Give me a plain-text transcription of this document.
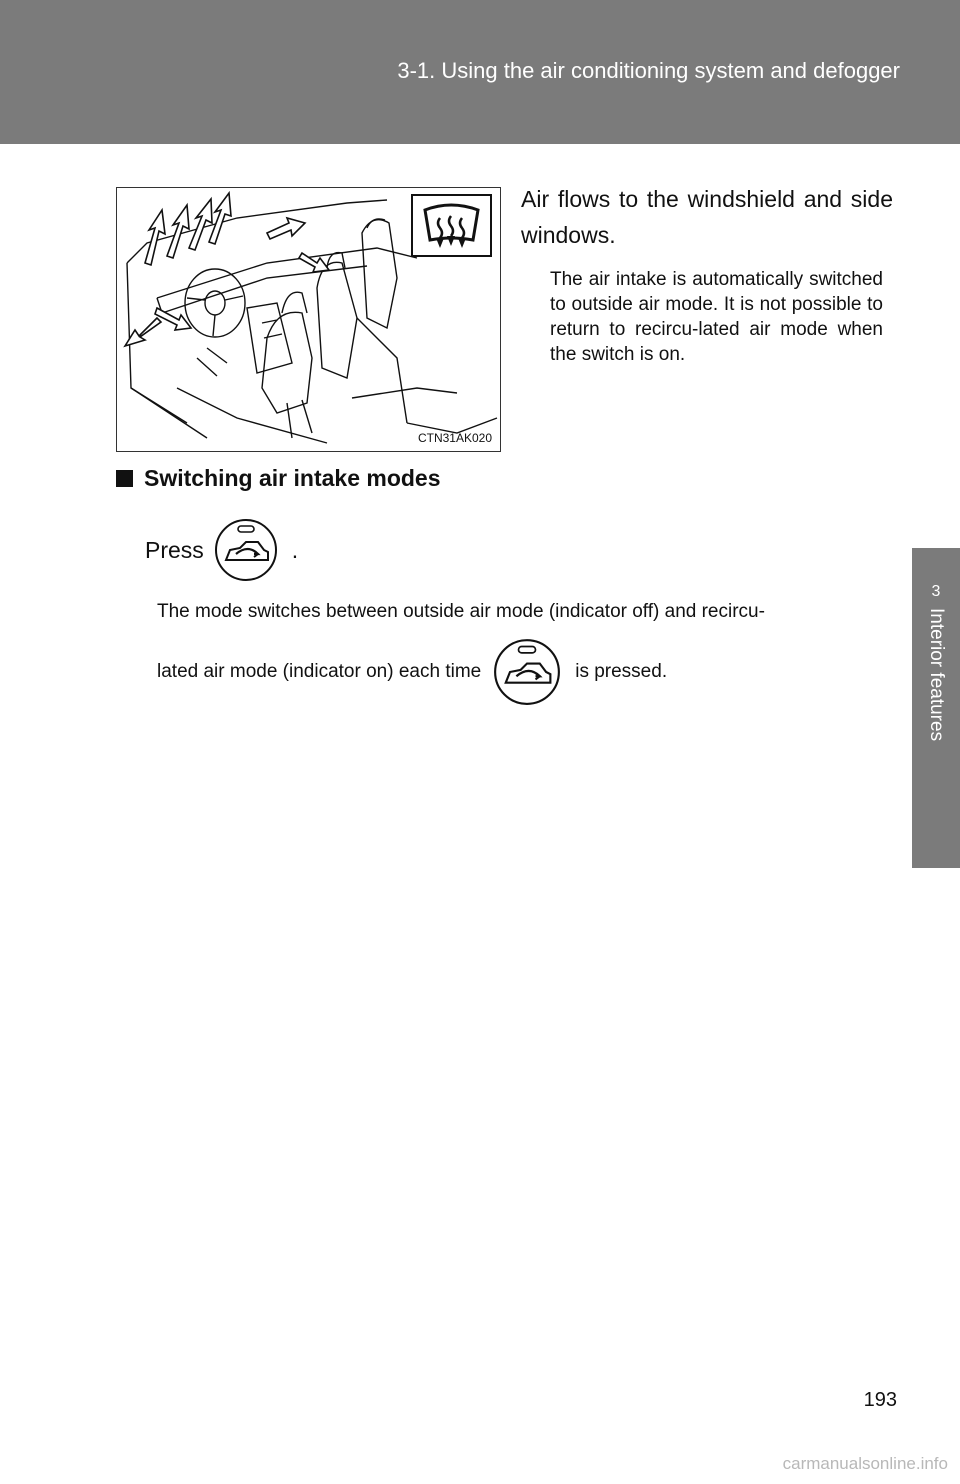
3-1. Using the air conditioning system and defogger
3
Interior features
CTN31AK020
Air flows to the windshield and side windows.
The air intake is automatically switched to outside air mode. It is not possible to return to recircu-lated air mode when the switch is on.
Switching air intake modes
Press	.
The mode switches between outside air mode (indicator off) and recircu-
lated air mode (indicator on) each time	is pressed.
193
carmanualsonline.info
